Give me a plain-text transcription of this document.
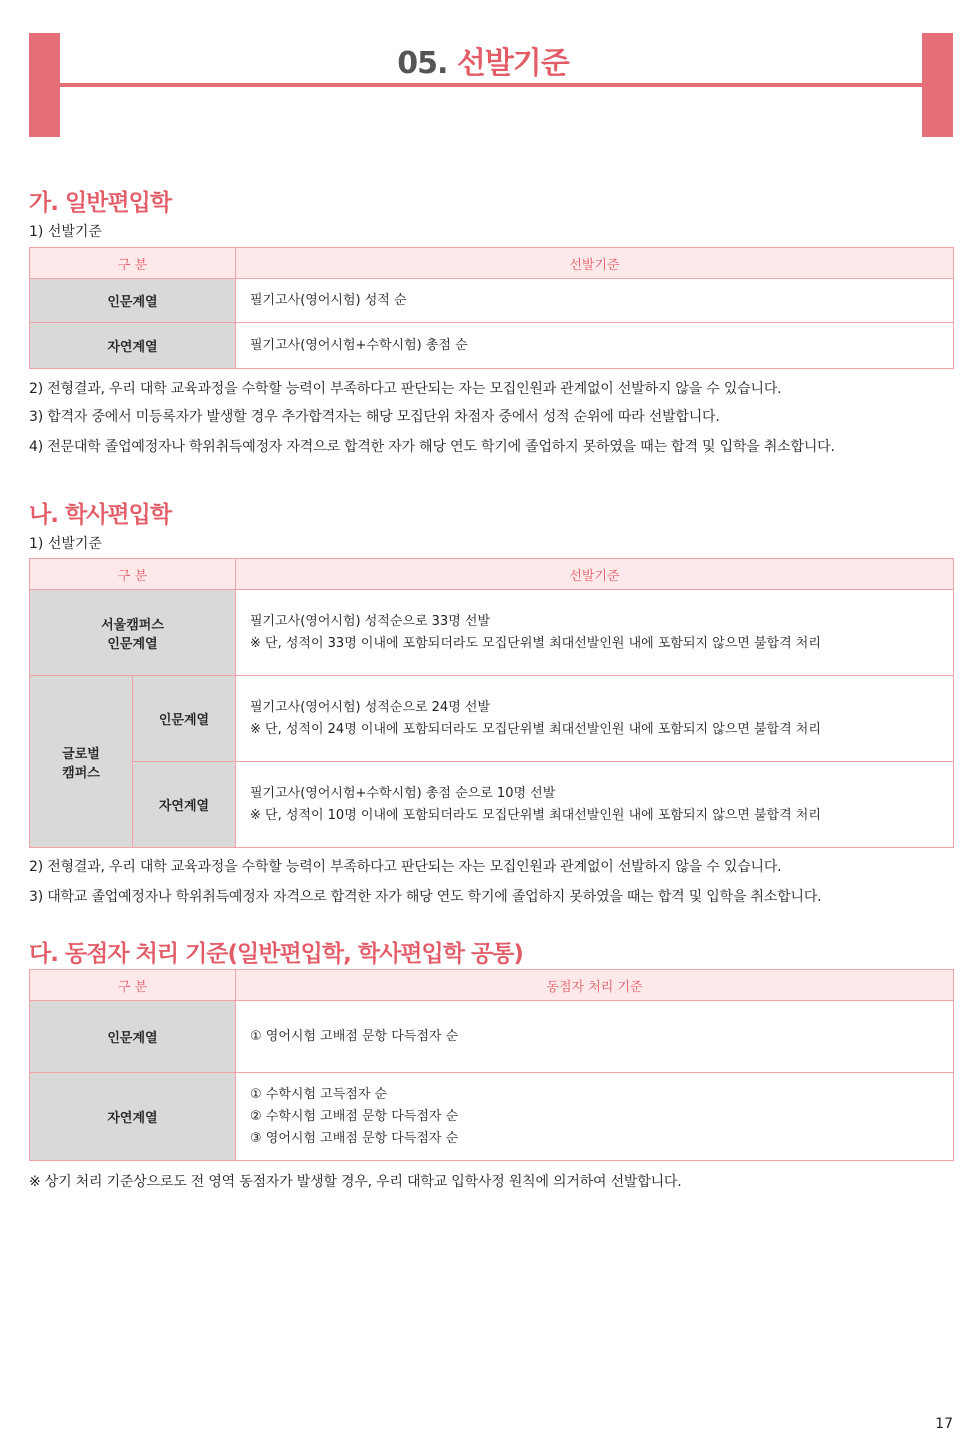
05. 선발기준
가. 일반편입학
1) 선발기준
구 분	선발기준
인문계열	필기고사(영어시험) 성적 순
자연계열	필기고사(영어시험+수학시험) 총점 순
2) 전형결과, 우리 대학 교육과정을 수학할 능력이 부족하다고 판단되는 자는 모집인원과 관계없이 선발하지 않을 수 있습니다.
3) 합격자 중에서 미등록자가 발생할 경우 추가합격자는 해당 모집단위 차점자 중에서 성적 순위에 따라 선발합니다.
4) 전문대학 졸업예정자나 학위취득예정자 자격으로 합격한 자가 해당 연도 학기에 졸업하지 못하였을 때는 합격 및 입학을 취소합니다.
나. 학사편입학
1) 선발기준
구 분		선발기준

서울캠퍼스
인문계열		필기고사(영어시험) 성적순으로 33명 선발
※ 단, 성적이 33명 이내에 포함되더라도 모집단위별 최대선발인원 내에 포함되지 않으면 불합격 처리

글로벌
캠퍼스	인문계열	필기고사(영어시험) 성적순으로 24명 선발
※ 단, 성적이 24명 이내에 포함되더라도 모집단위별 최대선발인원 내에 포함되지 않으면 불합격 처리

	자연계열	필기고사(영어시험+수학시험) 총점 순으로 10명 선발
※ 단, 성적이 10명 이내에 포함되더라도 모집단위별 최대선발인원 내에 포함되지 않으면 불합격 처리
2) 전형결과, 우리 대학 교육과정을 수학할 능력이 부족하다고 판단되는 자는 모집인원과 관계없이 선발하지 않을 수 있습니다.
3) 대학교 졸업예정자나 학위취득예정자 자격으로 합격한 자가 해당 연도 학기에 졸업하지 못하였을 때는 합격 및 입학을 취소합니다.
다. 동점자 처리 기준(일반편입학, 학사편입학 공통)
구 분	동점자 처리 기준
인문계열	① 영어시험 고배점 문항 다득점자 순

자연계열	① 수학시험 고득점자 순
② 수학시험 고배점 문항 다득점자 순
③ 영어시험 고배점 문항 다득점자 순
※ 상기 처리 기준상으로도 전 영역 동점자가 발생할 경우, 우리 대학교 입학사정 원칙에 의거하여 선발합니다.
17
